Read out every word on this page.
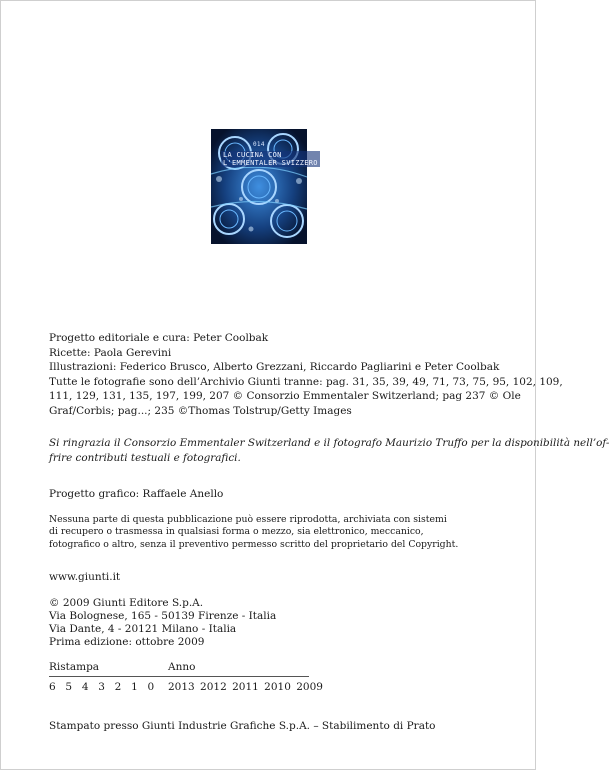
014
LA CUCINA CON
L'EMMENTALER SVIZZERO
Progetto editoriale e cura: Peter Coolbak
Ricette: Paola Gerevini
Illustrazioni: Federico Brusco, Alberto Grezzani, Riccardo Pagliarini e Peter Coolbak
Tutte le fotografie sono dell’Archivio Giunti tranne: pag. 31, 35, 39, 49, 71, 73, 75, 95, 102, 109,
111, 129, 131, 135, 197, 199, 207 © Consorzio Emmentaler Switzerland; pag 237 © Ole
Graf/Corbis; pag...; 235 ©Thomas Tolstrup/Getty Images
Si ringrazia il Consorzio Emmentaler Switzerland e il fotografo Maurizio Truffo per la disponibilità nell’of-
frire contributi testuali e fotografici.
Progetto grafico: Raffaele Anello
Nessuna parte di questa pubblicazione può essere riprodotta, archiviata con sistemi
di recupero o trasmessa in qualsiasi forma o mezzo, sia elettronico, meccanico,
fotografico o altro, senza il preventivo permesso scritto del proprietario del Copyright.
www.giunti.it
© 2009 Giunti Editore S.p.A.
Via Bolognese, 165 - 50139 Firenze - Italia
Via Dante, 4 - 20121 Milano - Italia
Prima edizione: ottobre 2009
Ristampa	Anno
6 5 4 3 2 1 0 2013 2012 2011 2010 2009
Stampato presso Giunti Industrie Grafiche S.p.A. – Stabilimento di Prato
